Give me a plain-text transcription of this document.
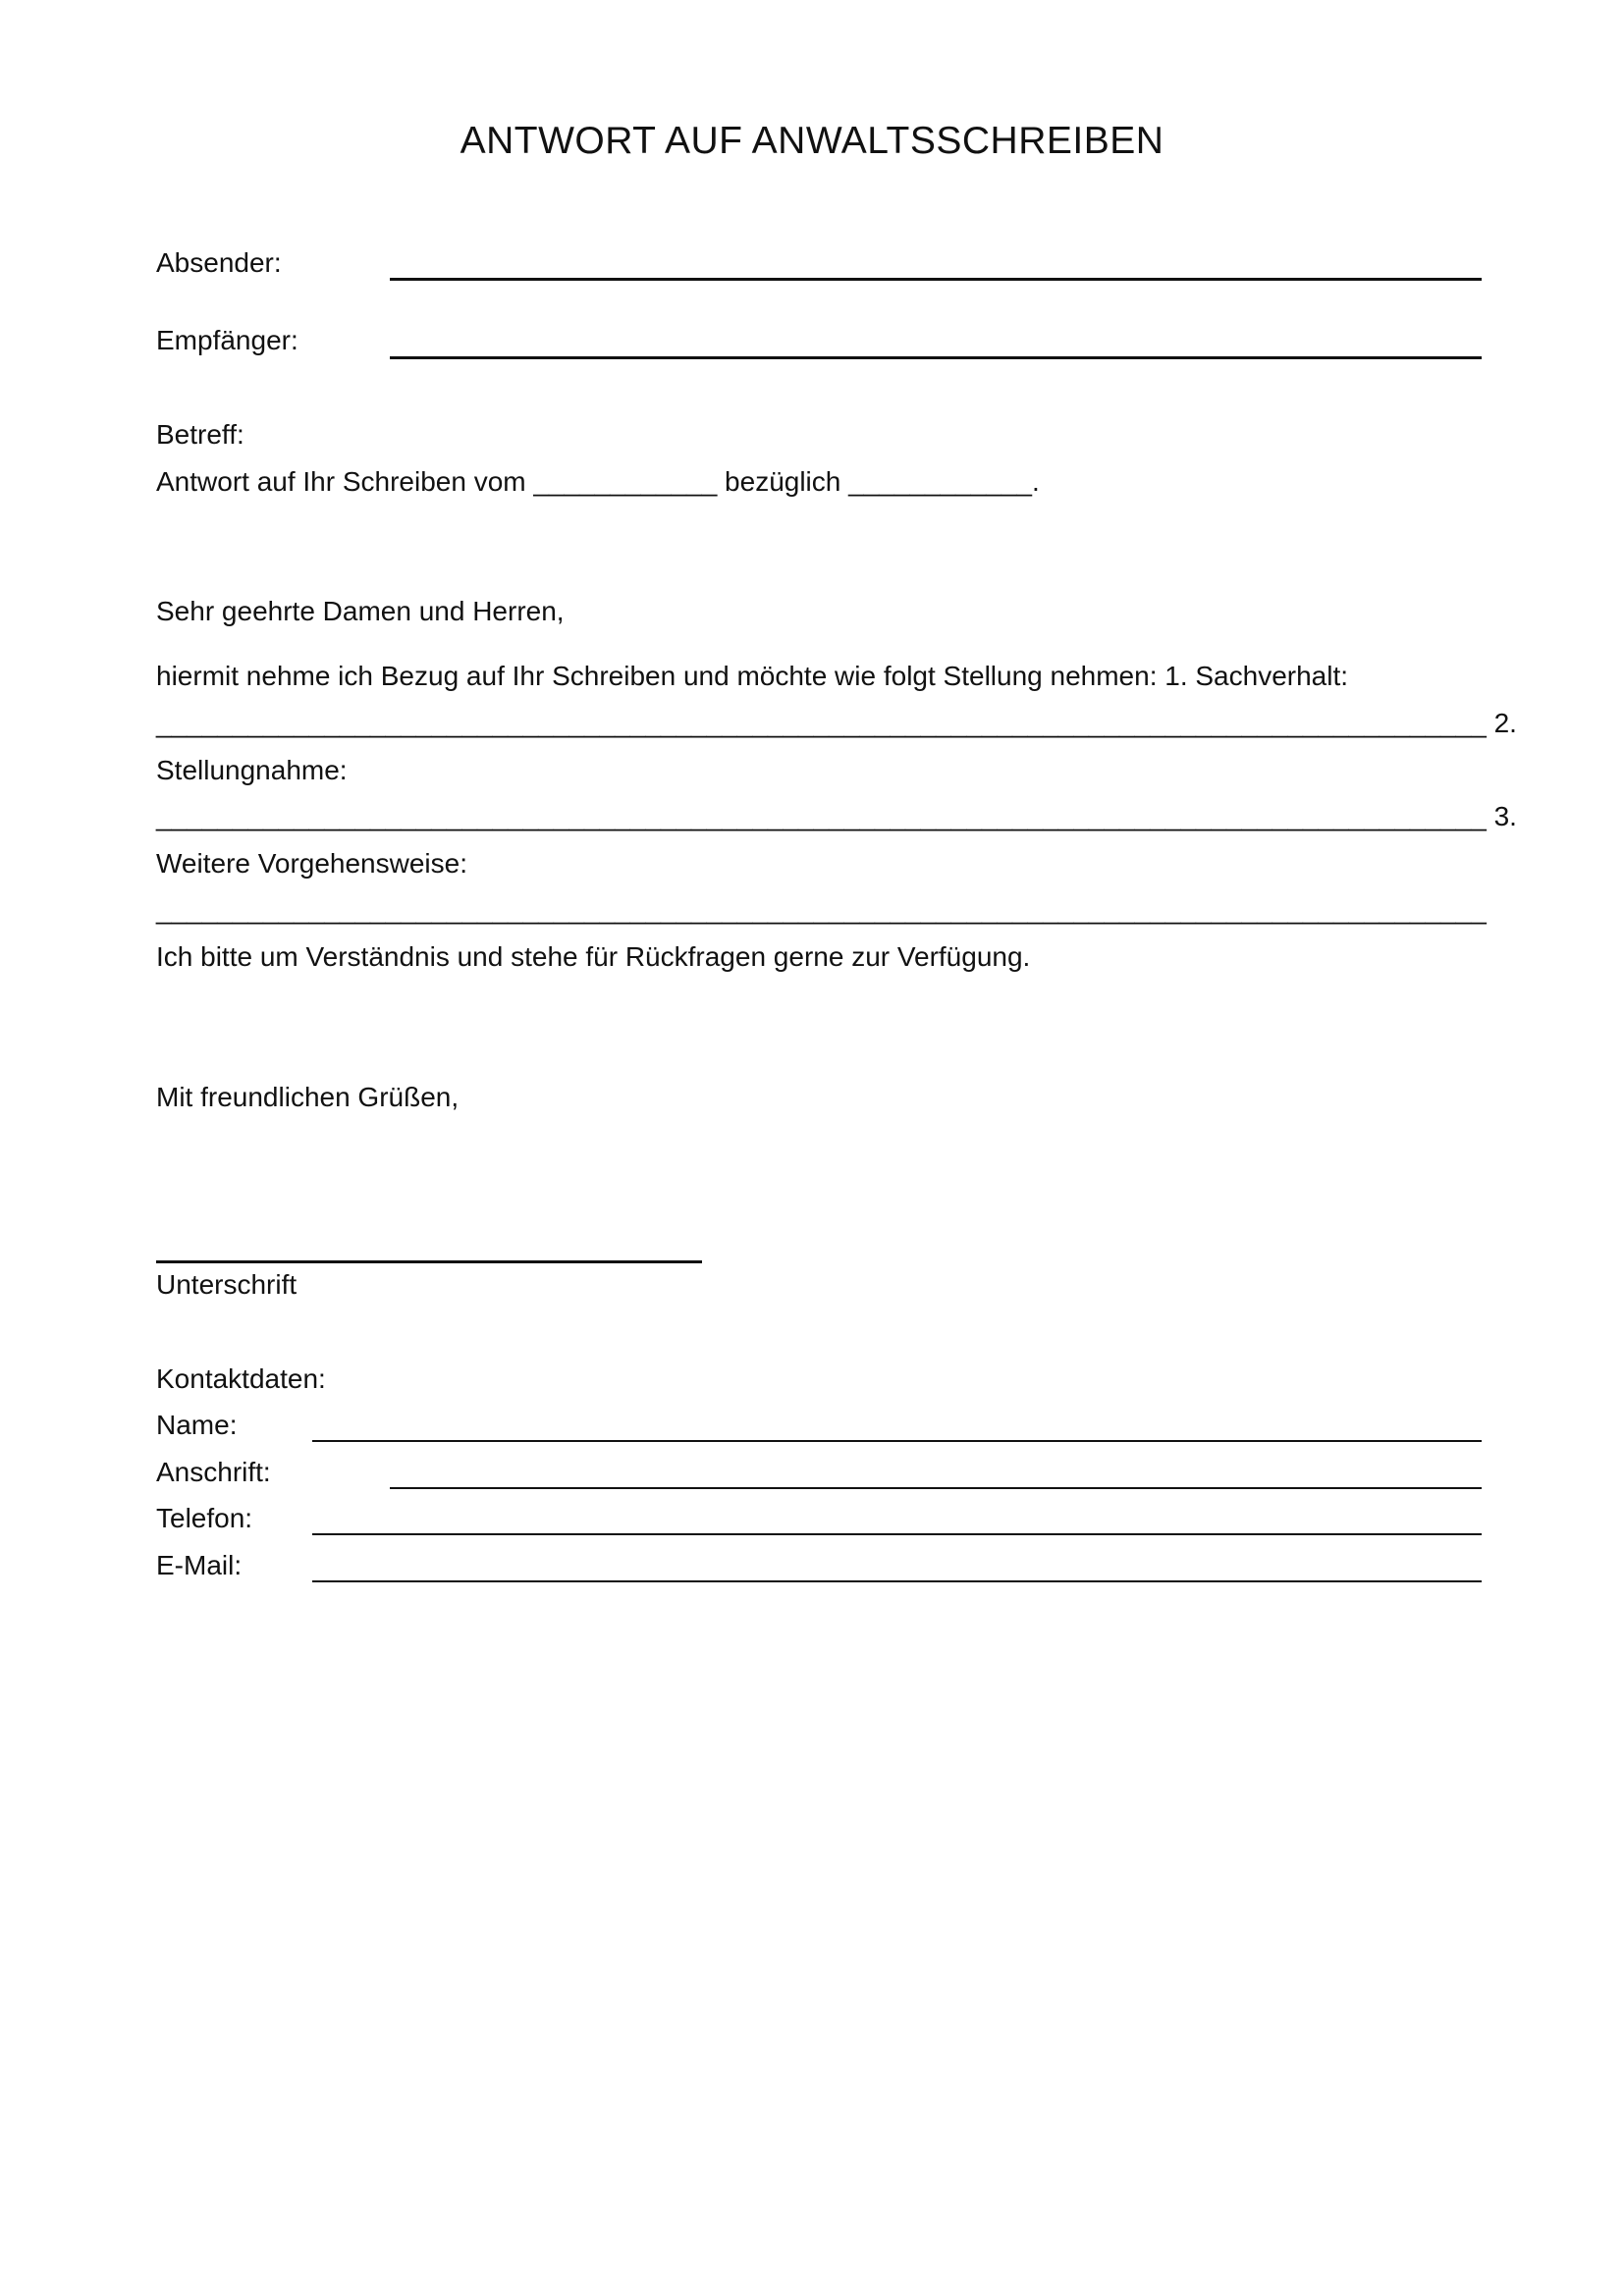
ANTWORT AUF ANWALTSSCHREIBEN
Absender:
Empfänger:
Betreff:
Antwort auf Ihr Schreiben vom ____________ bezüglich ____________.
Sehr geehrte Damen und Herren,
hiermit nehme ich Bezug auf Ihr Schreiben und möchte wie folgt Stellung nehmen: 1. Sachverhalt:
_______________________________________________________________________________________ 2.
Stellungnahme:
_______________________________________________________________________________________ 3.
Weitere Vorgehensweise:
_______________________________________________________________________________________
Ich bitte um Verständnis und stehe für Rückfragen gerne zur Verfügung.
Mit freundlichen Grüßen,
Unterschrift
Kontaktdaten:
Name:
Anschrift:
Telefon:
E-Mail:
